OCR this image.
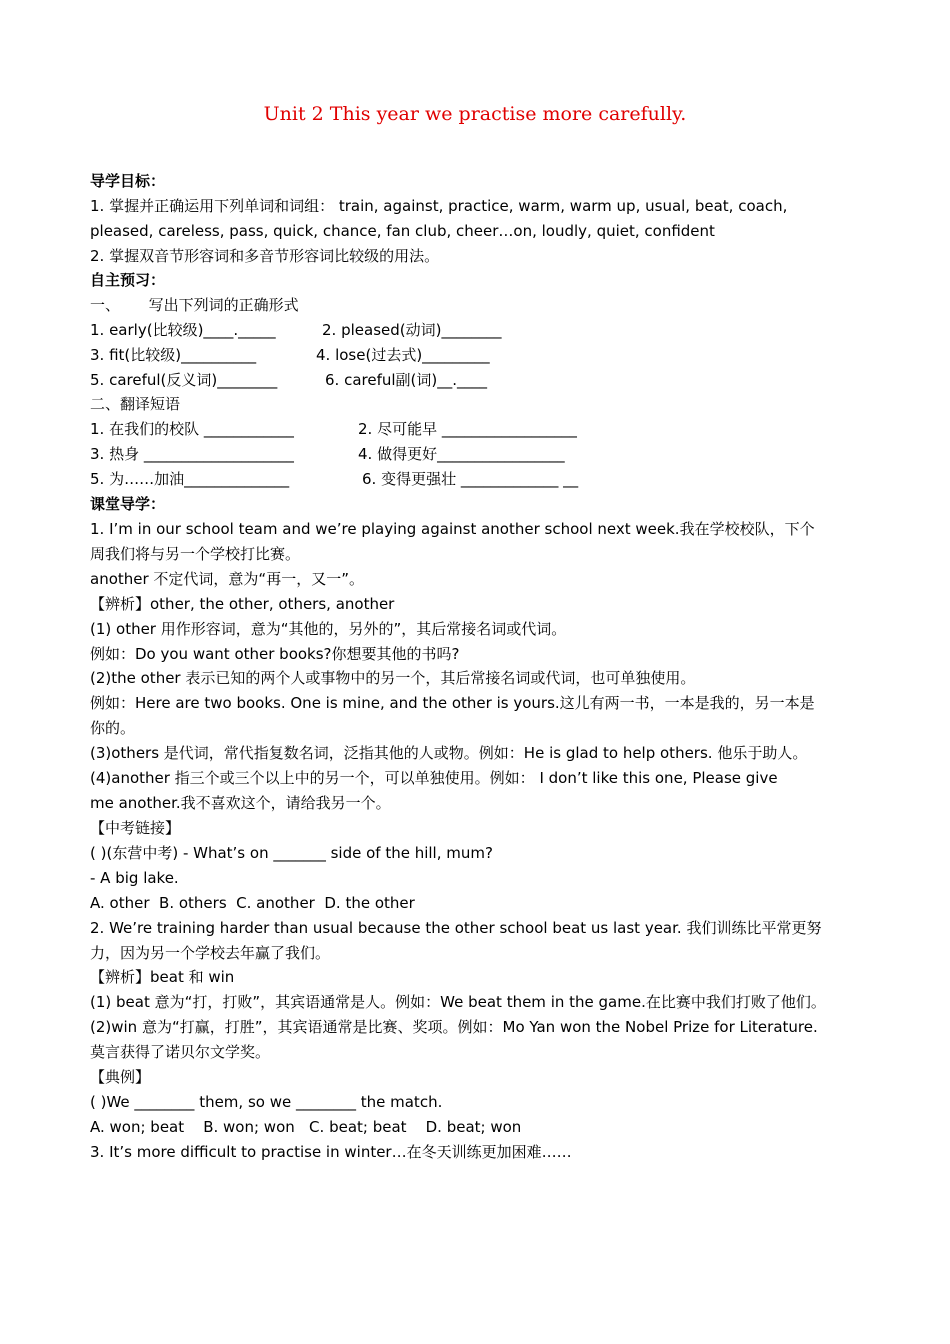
Unit 2 This year we practise more carefully.
导学目标：
1. 掌握并正确运用下列单词和词组： train, against, practice, warm, warm up, usual, beat, coach,
pleased, careless, pass, quick, chance, fan club, cheer…on, loudly, quiet, confident
2. 掌握双音节形容词和多音节形容词比较级的用法。
自主预习：
一、      写出下列词的正确形式
1. early(比较级)____._____	2. pleased(动词)________
3. fit(比较级)__________	4. lose(过去式)_________
5. careful(反义词)________	6. careful副(词)__.____
二、翻译短语
1. 在我们的校队 ____________	2. 尽可能早 __________________
3. 热身 ____________________	4. 做得更好_________________
5. 为……加油______________	6. 变得更强壮 _____________ __
课堂导学：
1. I’m in our school team and we’re playing against another school next week.我在学校校队，下个
周我们将与另一个学校打比赛。
another 不定代词，意为“再一，又一”。
【辨析】other, the other, others, another
(1) other 用作形容词，意为“其他的，另外的”，其后常接名词或代词。
例如：Do you want other books?你想要其他的书吗?
(2)the other 表示已知的两个人或事物中的另一个，其后常接名词或代词，也可单独使用。
例如：Here are two books. One is mine, and the other is yours.这儿有两一书，一本是我的，另一本是
你的。
(3)others 是代词，常代指复数名词，泛指其他的人或物。例如：He is glad to help others. 他乐于助人。
(4)another 指三个或三个以上中的另一个，可以单独使用。例如： I don’t like this one, Please give
me another.我不喜欢这个，请给我另一个。
【中考链接】
( )(东营中考) - What’s on _______ side of the hill, mum?
- A big lake.
A. other  B. others  C. another  D. the other
2. We’re training harder than usual because the other school beat us last year. 我们训练比平常更努
力，因为另一个学校去年赢了我们。
【辨析】beat 和 win
(1) beat 意为“打，打败”，其宾语通常是人。例如：We beat them in the game.在比赛中我们打败了他们。
(2)win 意为“打赢，打胜”，其宾语通常是比赛、奖项。例如：Mo Yan won the Nobel Prize for Literature.
莫言获得了诺贝尔文学奖。
【典例】
( )We ________ them, so we ________ the match.
A. won; beat    B. won; won   C. beat; beat    D. beat; won
3. It’s more difficult to practise in winter…在冬天训练更加困难……
